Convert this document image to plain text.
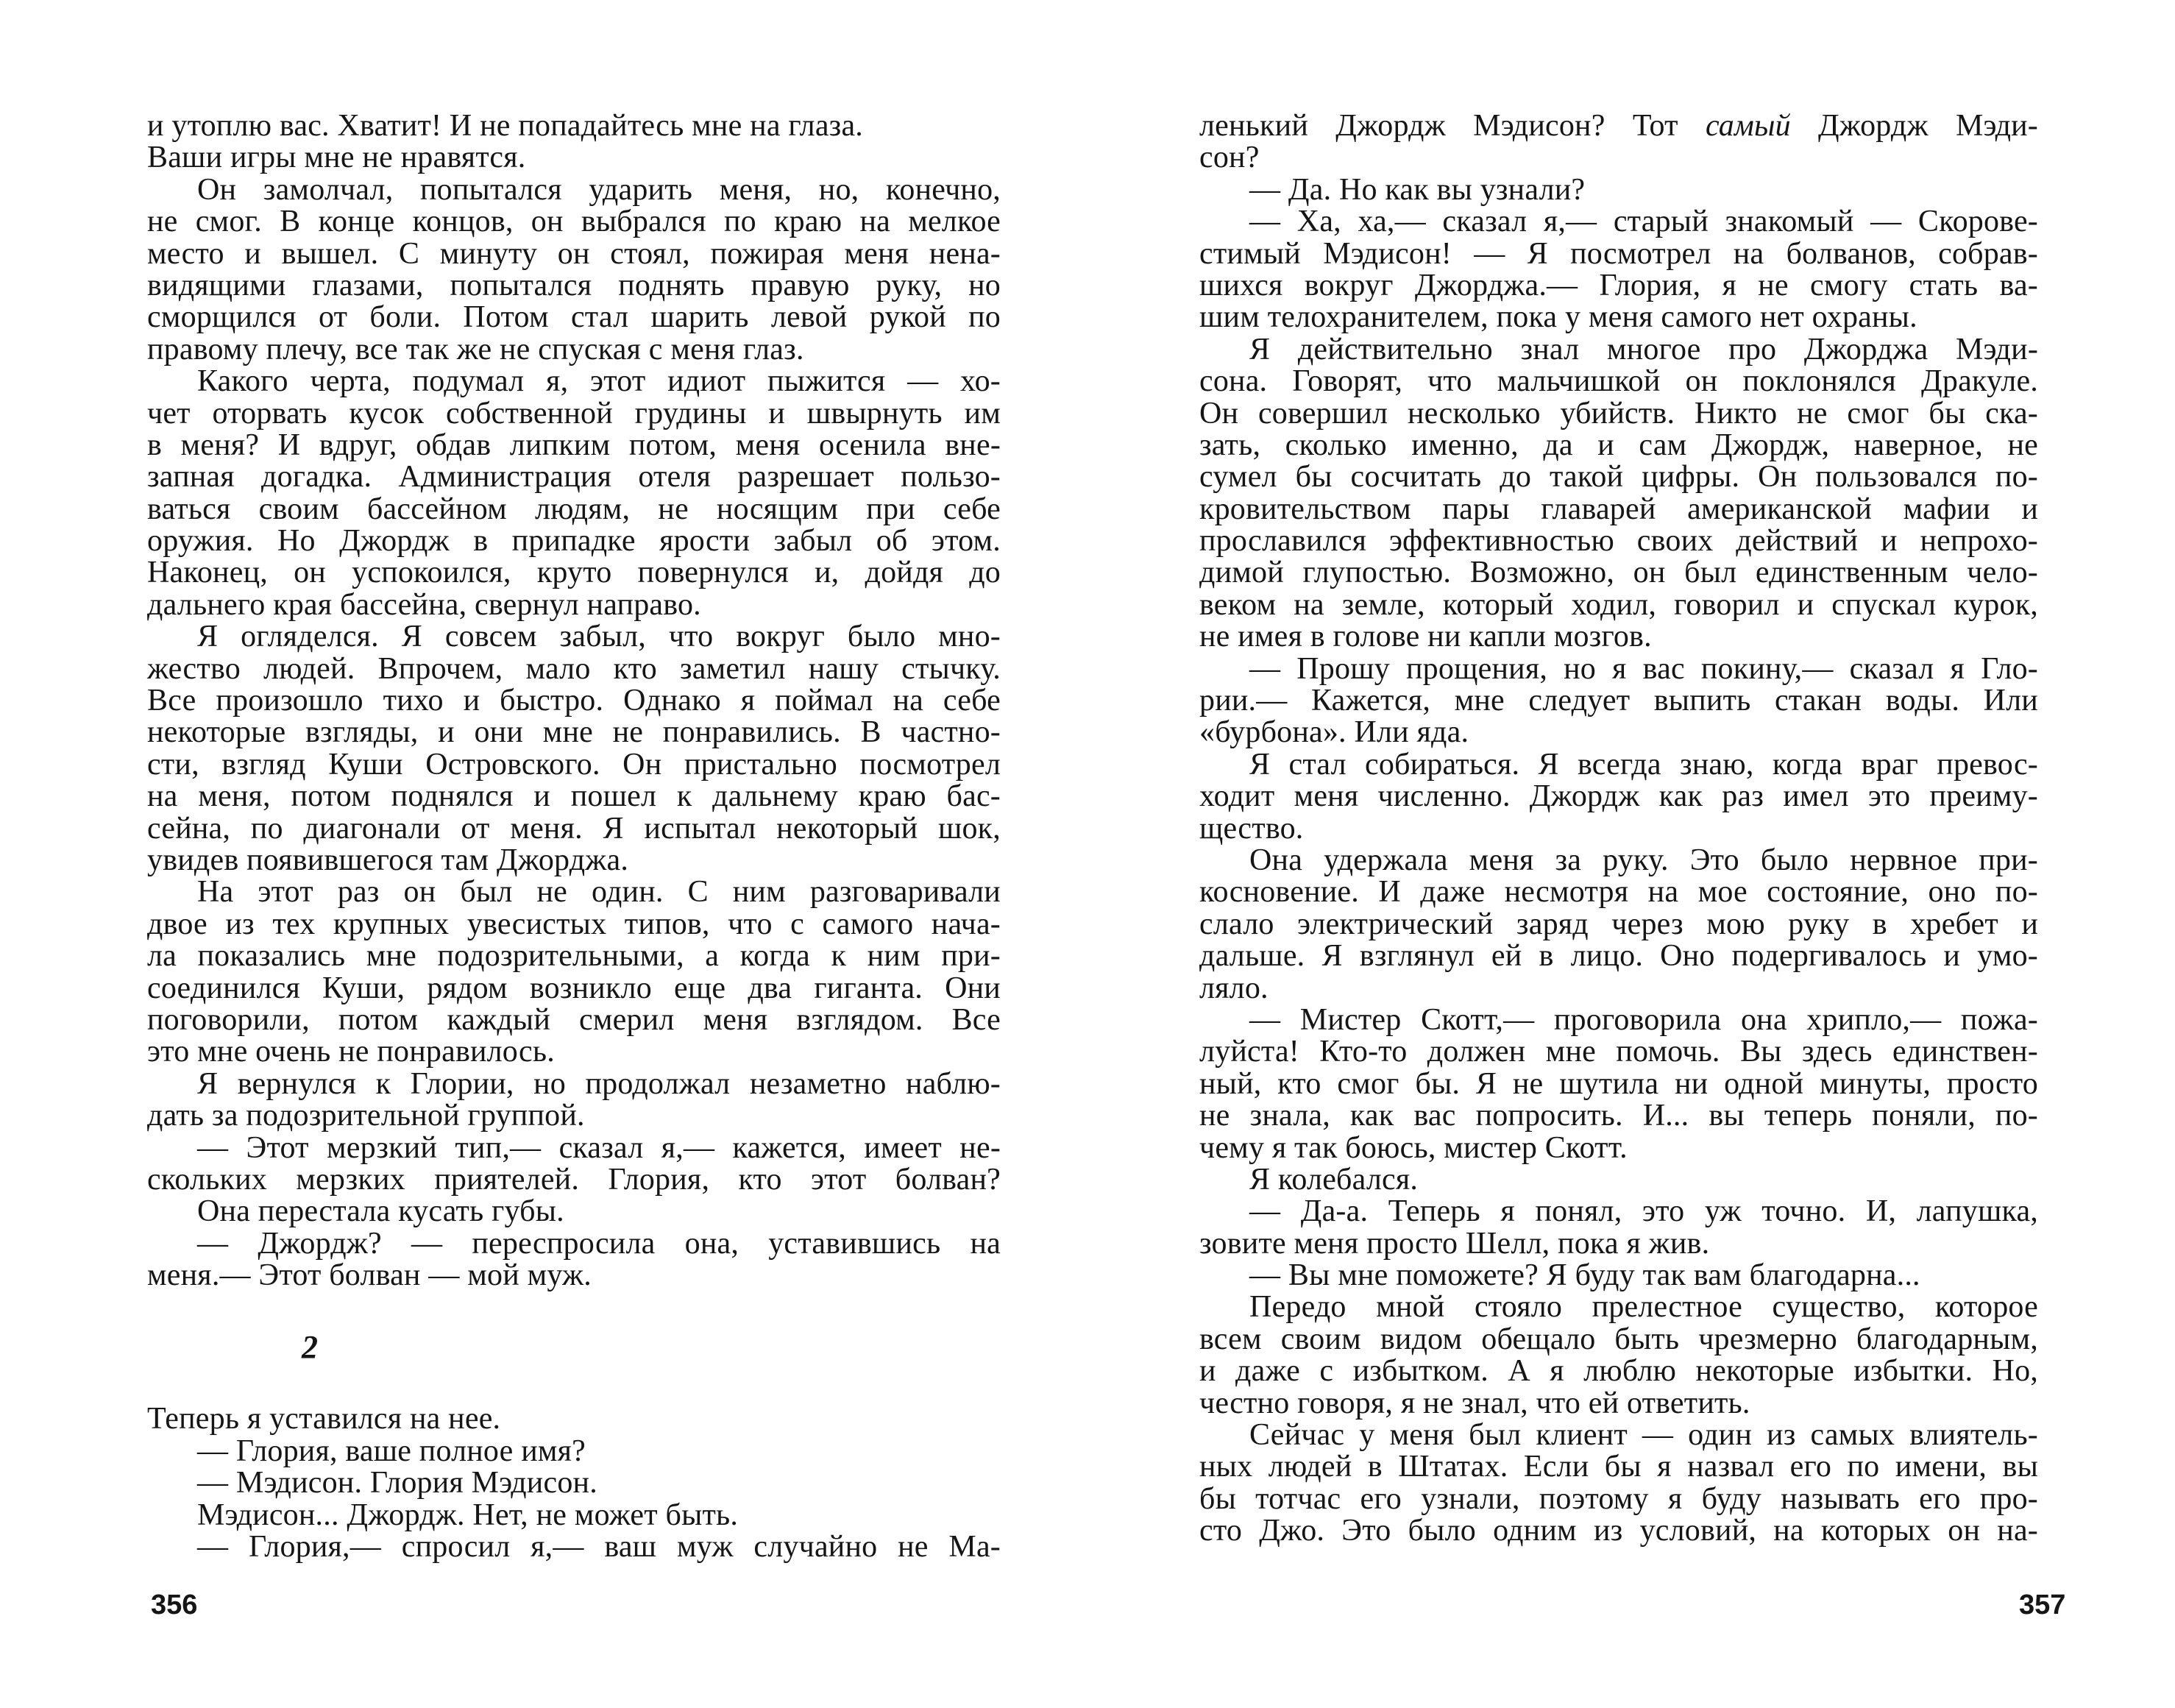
и утоплю вас. Хватит! И не попадайтесь мне на глаза.
Ваши игры мне не нравятся.
Он замолчал, попытался ударить меня, но, конечно,
не смог. В конце концов, он выбрался по краю на мелкое
место и вышел. С минуту он стоял, пожирая меня нена-
видящими глазами, попытался поднять правую руку, но
сморщился от боли. Потом стал шарить левой рукой по
правому плечу, все так же не спуская с меня глаз.
Какого черта, подумал я, этот идиот пыжится — хо-
чет оторвать кусок собственной грудины и швырнуть им
в меня? И вдруг, обдав липким потом, меня осенила вне-
запная догадка. Администрация отеля разрешает пользо-
ваться своим бассейном людям, не носящим при себе
оружия. Но Джордж в припадке ярости забыл об этом.
Наконец, он успокоился, круто повернулся и, дойдя до
дальнего края бассейна, свернул направо.
Я огляделся. Я совсем забыл, что вокруг было мно-
жество людей. Впрочем, мало кто заметил нашу стычку.
Все произошло тихо и быстро. Однако я поймал на себе
некоторые взгляды, и они мне не понравились. В частно-
сти, взгляд Куши Островского. Он пристально посмотрел
на меня, потом поднялся и пошел к дальнему краю бас-
сейна, по диагонали от меня. Я испытал некоторый шок,
увидев появившегося там Джорджа.
На этот раз он был не один. С ним разговаривали
двое из тех крупных увесистых типов, что с самого нача-
ла показались мне подозрительными, а когда к ним при-
соединился Куши, рядом возникло еще два гиганта. Они
поговорили, потом каждый смерил меня взглядом. Все
это мне очень не понравилось.
Я вернулся к Глории, но продолжал незаметно наблю-
дать за подозрительной группой.
— Этот мерзкий тип,— сказал я,— кажется, имеет не-
скольких мерзких приятелей. Глория, кто этот болван?
Она перестала кусать губы.
— Джордж? — переспросила она, уставившись на
меня.— Этот болван — мой муж.
2
Теперь я уставился на нее.
— Глория, ваше полное имя?
— Мэдисон. Глория Мэдисон.
Мэдисон... Джордж. Нет, не может быть.
— Глория,— спросил я,— ваш муж случайно не Ма-
356
ленький Джордж Мэдисон? Тот самый Джордж Мэди-
сон?
— Да. Но как вы узнали?
— Ха, ха,— сказал я,— старый знакомый — Скорове-
стимый Мэдисон! — Я посмотрел на болванов, собрав-
шихся вокруг Джорджа.— Глория, я не смогу стать ва-
шим телохранителем, пока у меня самого нет охраны.
Я действительно знал многое про Джорджа Мэди-
сона. Говорят, что мальчишкой он поклонялся Дракуле.
Он совершил несколько убийств. Никто не смог бы ска-
зать, сколько именно, да и сам Джордж, наверное, не
сумел бы сосчитать до такой цифры. Он пользовался по-
кровительством пары главарей американской мафии и
прославился эффективностью своих действий и непрохо-
димой глупостью. Возможно, он был единственным чело-
веком на земле, который ходил, говорил и спускал курок,
не имея в голове ни капли мозгов.
— Прошу прощения, но я вас покину,— сказал я Гло-
рии.— Кажется, мне следует выпить стакан воды. Или
«бурбона». Или яда.
Я стал собираться. Я всегда знаю, когда враг превос-
ходит меня численно. Джордж как раз имел это преиму-
щество.
Она удержала меня за руку. Это было нервное при-
косновение. И даже несмотря на мое состояние, оно по-
слало электрический заряд через мою руку в хребет и
дальше. Я взглянул ей в лицо. Оно подергивалось и умо-
ляло.
— Мистер Скотт,— проговорила она хрипло,— пожа-
луйста! Кто-то должен мне помочь. Вы здесь единствен-
ный, кто смог бы. Я не шутила ни одной минуты, просто
не знала, как вас попросить. И... вы теперь поняли, по-
чему я так боюсь, мистер Скотт.
Я колебался.
— Да-а. Теперь я понял, это уж точно. И, лапушка,
зовите меня просто Шелл, пока я жив.
— Вы мне поможете? Я буду так вам благодарна...
Передо мной стояло прелестное существо, которое
всем своим видом обещало быть чрезмерно благодарным,
и даже с избытком. А я люблю некоторые избытки. Но,
честно говоря, я не знал, что ей ответить.
Сейчас у меня был клиент — один из самых влиятель-
ных людей в Штатах. Если бы я назвал его по имени, вы
бы тотчас его узнали, поэтому я буду называть его про-
сто Джо. Это было одним из условий, на которых он на-
357
